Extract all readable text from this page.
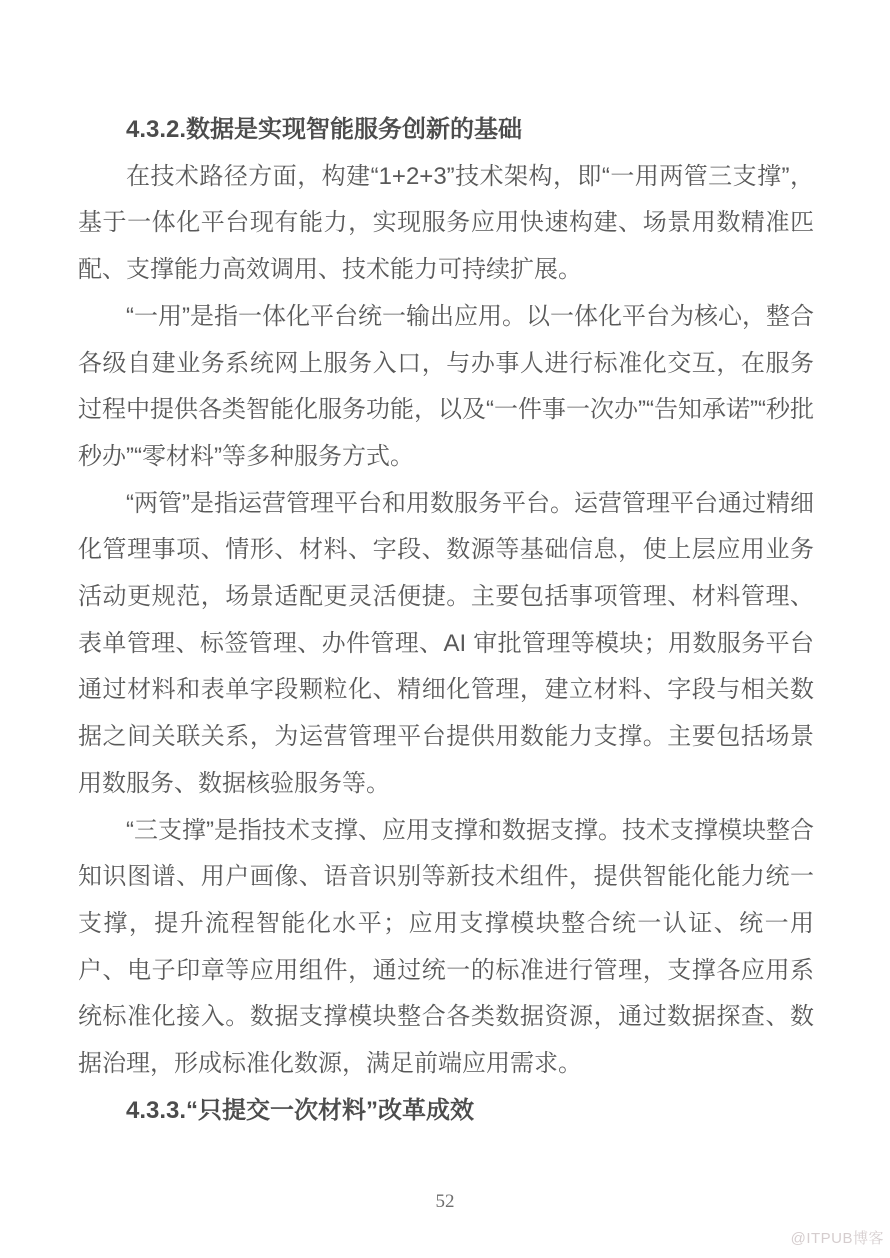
4.3.2.数据是实现智能服务创新的基础

在技术路径方面，构建“1+2+3”技术架构，即“一用两管三支撑”，基于一体化平台现有能力，实现服务应用快速构建、场景用数精准匹配、支撑能力高效调用、技术能力可持续扩展。

“一用”是指一体化平台统一输出应用。以一体化平台为核心，整合各级自建业务系统网上服务入口，与办事人进行标准化交互，在服务过程中提供各类智能化服务功能，以及“一件事一次办”“告知承诺”“秒批秒办”“零材料”等多种服务方式。

“两管”是指运营管理平台和用数服务平台。运营管理平台通过精细化管理事项、情形、材料、字段、数源等基础信息，使上层应用业务活动更规范，场景适配更灵活便捷。主要包括事项管理、材料管理、表单管理、标签管理、办件管理、AI 审批管理等模块；用数服务平台通过材料和表单字段颗粒化、精细化管理，建立材料、字段与相关数据之间关联关系，为运营管理平台提供用数能力支撑。主要包括场景用数服务、数据核验服务等。

“三支撑”是指技术支撑、应用支撑和数据支撑。技术支撑模块整合知识图谱、用户画像、语音识别等新技术组件，提供智能化能力统一支撑，提升流程智能化水平；应用支撑模块整合统一认证、统一用户、电子印章等应用组件，通过统一的标准进行管理，支撑各应用系统标准化接入。数据支撑模块整合各类数据资源，通过数据探查、数据治理，形成标准化数源，满足前端应用需求。

4.3.3.“只提交一次材料”改革成效

52
@ITPUB博客
